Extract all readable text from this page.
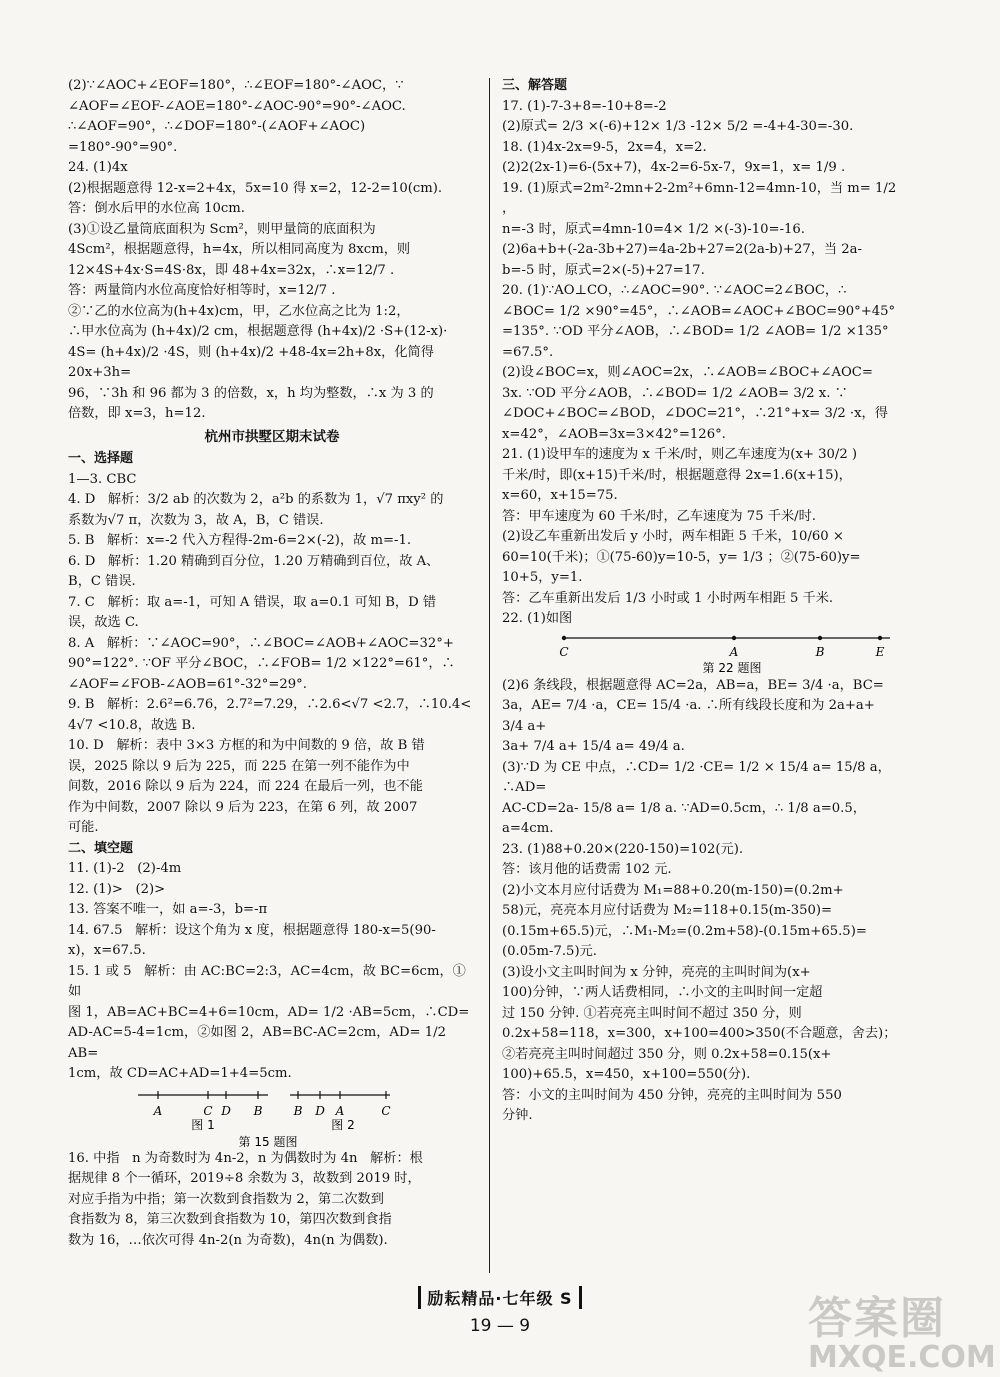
(2)∵∠AOC+∠EOF=180°，∴∠EOF=180°-∠AOC，∵
∠AOF=∠EOF-∠AOE=180°-∠AOC-90°=90°-∠AOC.
∴∠AOF=90°，∴∠DOF=180°-(∠AOF+∠AOC)
=180°-90°=90°.
24. (1)4x
(2)根据题意得 12-x=2+4x，5x=10 得 x=2，12-2=10(cm).
答：倒水后甲的水位高 10cm.
(3)①设乙量筒底面积为 Scm²，则甲量筒的底面积为
4Scm²，根据题意得，h=4x，所以相同高度为 8xcm，则
12×4S+4x·S=4S·8x，即 48+4x=32x，∴x=12/7 .
答：两量筒内水位高度恰好相等时，x=12/7 .
②∵乙的水位高为(h+4x)cm，甲，乙水位高之比为 1:2，
∴甲水位高为 (h+4x)/2 cm，根据题意得 (h+4x)/2 ·S+(12-x)·
4S= (h+4x)/2 ·4S，则 (h+4x)/2 +48-4x=2h+8x，化简得 20x+3h=
96，∵3h 和 96 都为 3 的倍数，x，h 均为整数，∴x 为 3 的
倍数，即 x=3，h=12.
杭州市拱墅区期末试卷
一、选择题
1—3. CBC
4. D   解析：3/2 ab 的次数为 2，a²b 的系数为 1，√7 πxy² 的
系数为√7 π，次数为 3，故 A，B，C 错误.
5. B   解析：x=-2 代入方程得-2m-6=2×(-2)，故 m=-1.
6. D   解析：1.20 精确到百分位，1.20 万精确到百位，故 A、
B，C 错误.
7. C   解析：取 a=-1，可知 A 错误，取 a=0.1 可知 B，D 错
误，故选 C.
8. A   解析：∵∠AOC=90°，∴∠BOC=∠AOB+∠AOC=32°+
90°=122°. ∵OF 平分∠BOC，∴∠FOB= 1/2 ×122°=61°，∴
∠AOF=∠FOB-∠AOB=61°-32°=29°.
9. B   解析：2.6²=6.76，2.7²=7.29，∴2.6<√7 <2.7，∴10.4<
4√7 <10.8，故选 B.
10. D   解析：表中 3×3 方框的和为中间数的 9 倍，故 B 错
误，2025 除以 9 后为 225，而 225 在第一列不能作为中
间数，2016 除以 9 后为 224，而 224 在最后一列，也不能
作为中间数，2007 除以 9 后为 223，在第 6 列，故 2007
可能.
二、填空题
11. (1)-2   (2)-4m
12. (1)>   (2)>
13. 答案不唯一，如 a=-3，b=-π
14. 67.5   解析：设这个角为 x 度，根据题意得 180-x=5(90-
x)，x=67.5.
15. 1 或 5   解析：由 AC:BC=2:3，AC=4cm，故 BC=6cm，①如
图 1，AB=AC+BC=4+6=10cm，AD= 1/2 ·AB=5cm，∴CD=
AD-AC=5-4=1cm，②如图 2，AB=BC-AC=2cm，AD= 1/2 AB=
1cm，故 CD=AC+AD=1+4=5cm.
A	C D B	B D A	C
图 1	图 2
第 15 题图
16. 中指   n 为奇数时为 4n-2，n 为偶数时为 4n   解析：根
据规律 8 个一循环，2019÷8 余数为 3，故数到 2019 时，
对应手指为中指；第一次数到食指数为 2，第二次数到
食指数为 8，第三次数到食指数为 10，第四次数到食指
数为 16，…依次可得 4n-2(n 为奇数)，4n(n 为偶数).
三、解答题
17. (1)-7-3+8=-10+8=-2
(2)原式= 2/3 ×(-6)+12× 1/3 -12× 5/2 =-4+4-30=-30.
18. (1)4x-2x=9-5，2x=4，x=2.
(2)2(2x-1)=6-(5x+7)，4x-2=6-5x-7，9x=1，x= 1/9 .
19. (1)原式=2m²-2mn+2-2m²+6mn-12=4mn-10，当 m= 1/2 ，
n=-3 时，原式=4mn-10=4× 1/2 ×(-3)-10=-16.
(2)6a+b+(-2a-3b+27)=4a-2b+27=2(2a-b)+27，当 2a-
b=-5 时，原式=2×(-5)+27=17.
20. (1)∵AO⊥CO，∴∠AOC=90°. ∵∠AOC=2∠BOC，∴
∠BOC= 1/2 ×90°=45°，∴∠AOB=∠AOC+∠BOC=90°+45°
=135°. ∵OD 平分∠AOB，∴∠BOD= 1/2 ∠AOB= 1/2 ×135°
=67.5°.
(2)设∠BOC=x，则∠AOC=2x，∴∠AOB=∠BOC+∠AOC=
3x. ∵OD 平分∠AOB，∴∠BOD= 1/2 ∠AOB= 3/2 x. ∵
∠DOC+∠BOC=∠BOD，∠DOC=21°，∴21°+x= 3/2 ·x，得
x=42°，∠AOB=3x=3×42°=126°.
21. (1)设甲车的速度为 x 千米/时，则乙车速度为(x+ 30/2 )
千米/时，即(x+15)千米/时，根据题意得 2x=1.6(x+15)，
x=60，x+15=75.
答：甲车速度为 60 千米/时，乙车速度为 75 千米/时.
(2)设乙车重新出发后 y 小时，两车相距 5 千米，10/60 ×
60=10(千米)；①(75-60)y=10-5，y= 1/3 ；②(75-60)y=
10+5，y=1.
答：乙车重新出发后 1/3 小时或 1 小时两车相距 5 千米.
22. (1)如图
C	A	B	E
第 22 题图
(2)6 条线段，根据题意得 AC=2a，AB=a，BE= 3/4 ·a，BC=
3a，AE= 7/4 ·a，CE= 15/4 ·a. ∴所有线段长度和为 2a+a+ 3/4 a+
3a+ 7/4 a+ 15/4 a= 49/4 a.
(3)∵D 为 CE 中点，∴CD= 1/2 ·CE= 1/2 × 15/4 a= 15/8 a，∴AD=
AC-CD=2a- 15/8 a= 1/8 a. ∵AD=0.5cm，∴ 1/8 a=0.5，a=4cm.
23. (1)88+0.20×(220-150)=102(元).
答：该月他的话费需 102 元.
(2)小文本月应付话费为 M₁=88+0.20(m-150)=(0.2m+
58)元，亮亮本月应付话费为 M₂=118+0.15(m-350)=
(0.15m+65.5)元，∴M₁-M₂=(0.2m+58)-(0.15m+65.5)=
(0.05m-7.5)元.
(3)设小文主叫时间为 x 分钟，亮亮的主叫时间为(x+
100)分钟，∵两人话费相同，∴小文的主叫时间一定超
过 150 分钟. ①若亮亮主叫时间不超过 350 分，则
0.2x+58=118，x=300，x+100=400>350(不合题意，舍去)；
②若亮亮主叫时间超过 350 分，则 0.2x+58=0.15(x+
100)+65.5，x=450，x+100=550(分).
答：小文的主叫时间为 450 分钟，亮亮的主叫时间为 550
分钟.
励耘精品·七年级 S
19 — 9	答案圈
MXQE.COM
